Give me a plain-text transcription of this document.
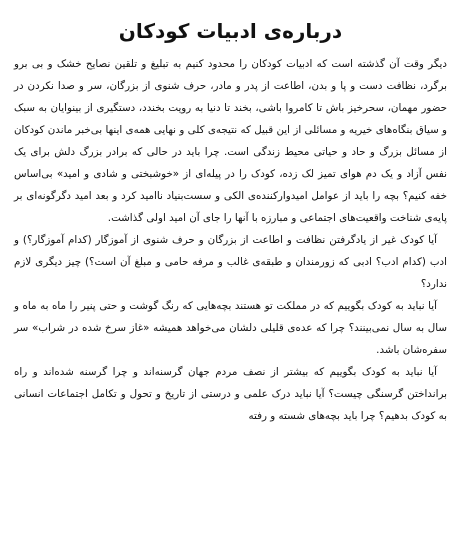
درباره‌ی ادبیات کودکان

دیگر وقت آن گذشته است که ادبیات کودکان را محدود کنیم به تبلیغ و تلقین نصایح خشک و بی برو برگرد، نظافت دست و پا و بدن، اطاعت از پدر و مادر، حرف شنوی از بزرگان، سر و صدا نکردن در حضور مهمان، سحرخیز باش تا کامروا باشی، بخند تا دنیا به رویت بخندد، دستگیری از بینوایان به سبک و سیاق بنگاه‌های خیریه و مسائلی از این قبیل که نتیجه‌ی کلی و نهایی همه‌ی اینها بی‌خبر ماندن کودکان از مسائل بزرگ و حاد و حیاتی محیط زندگی است. چرا باید در حالی که برادر بزرگ دلش برای یک نفس آزاد و یک دم هوای تمیز لک زده، کودک را در پیله‌ای از «خوشبختی و شادی و امید» بی‌اساس خفه کنیم؟ بچه را باید از عوامل امیدوارکننده‌ی الکی و سست‌بنیاد ناامید کرد و بعد امید دگرگونه‌ای بر پایه‌ی شناخت واقعیت‌های اجتماعی و مبارزه با آنها را جای آن امید اولی گذاشت.

آیا کودک غیر از یادگرفتن نظافت و اطاعت از بزرگان و حرف شنوی از آموزگار (کدام آموزگار؟) و ادب (کدام ادب؟ ادبی که زورمندان و طبقه‌ی غالب و مرفه حامی و مبلغ آن است؟) چیز دیگری لازم ندارد؟

آیا نباید به کودک بگوییم که در مملکت تو هستند بچه‌هایی که رنگ گوشت و حتی پنیر را ماه به ماه و سال به سال نمی‌بینند؟ چرا که عده‌ی قلیلی دلشان می‌خواهد همیشه «غاز سرخ شده در شراب» سر سفره‌شان باشد.

آیا نباید به کودک بگوییم که بیشتر از نصف مردم جهان گرسنه‌اند و چرا گرسنه شده‌اند و راه برانداختن گرسنگی چیست؟ آیا نباید درک علمی و درستی از تاریخ و تحول و تکامل اجتماعات انسانی به کودک بدهیم؟ چرا باید بچه‌های شسته و رفته
